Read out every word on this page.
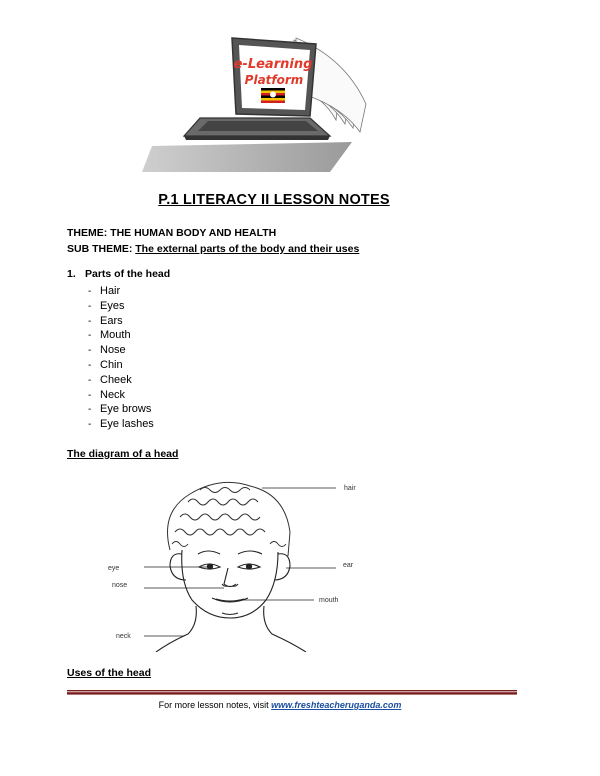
e-Learning
Platform
P.1 LITERACY II LESSON NOTES
THEME: THE HUMAN BODY AND HEALTH
SUB THEME: The external parts of the body and their uses
1. Parts of the head
- Hair
- Eyes
- Ears
- Mouth
- Nose
- Chin
- Cheek
- Neck
- Eye brows
- Eye lashes
The diagram of a head
hair
ear
mouth
eye
nose
neck
Uses of the head
For more lesson notes, visit www.freshteacheruganda.com
